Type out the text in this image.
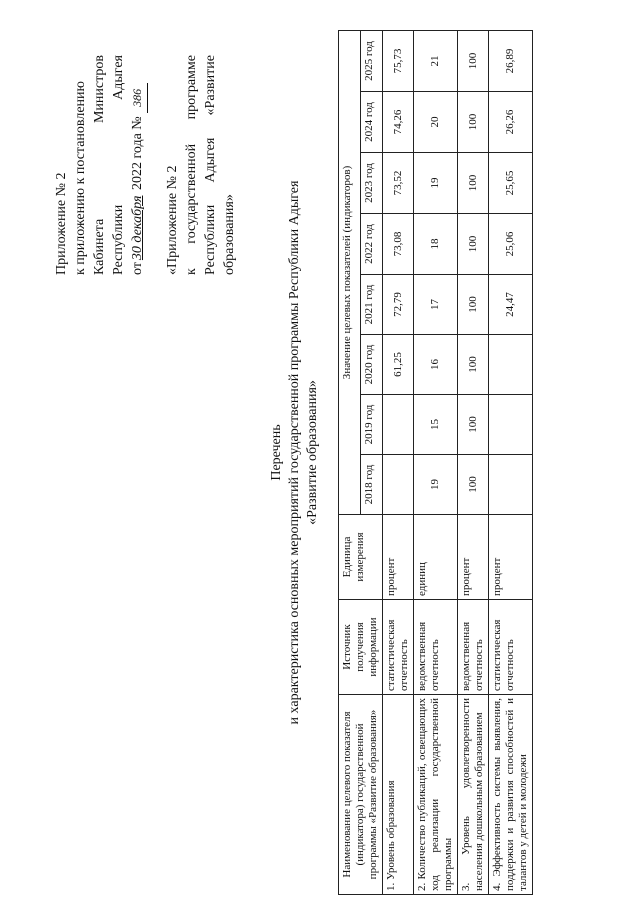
Приложение № 2 к приложению к постановлению Кабинета
Министров
Республики
Адыгея
от30 декабря 2022 года № 386
«Приложение № 2 к
государственной
программе
Республики
Адыгея
«Развитие
образования»
Перечень и характеристика основных мероприятий государственной программы Республики Адыгея «Развитие образования»
Наименование целевого показателя (индикатора) государственной программы «Развитие образования»	Источник получения информации	Единица измерения	Значение целевых показателей (индикаторов)							
			2018 год	2019 год	2020 год	2021 год	2022 год	2023 год	2024 год	2025 год
1. Уровень образования	статистическая отчетность	процент			61,25	72,79	73,08	73,52	74,26	75,73
2. Количество публикаций, освещающих ход реализации государственной программы	ведомственная отчетность	единиц	19	15	16	17	18	19	20	21
3. Уровень удовлетворенности населения дошкольным образованием	ведомственная отчетность	процент	100	100	100	100	100	100	100	100
4. Эффективность системы выявления, поддержки и развития способностей и талантов у детей и молодежи	статистическая отчетность	процент				24,47	25,06	25,65	26,26	26,89
